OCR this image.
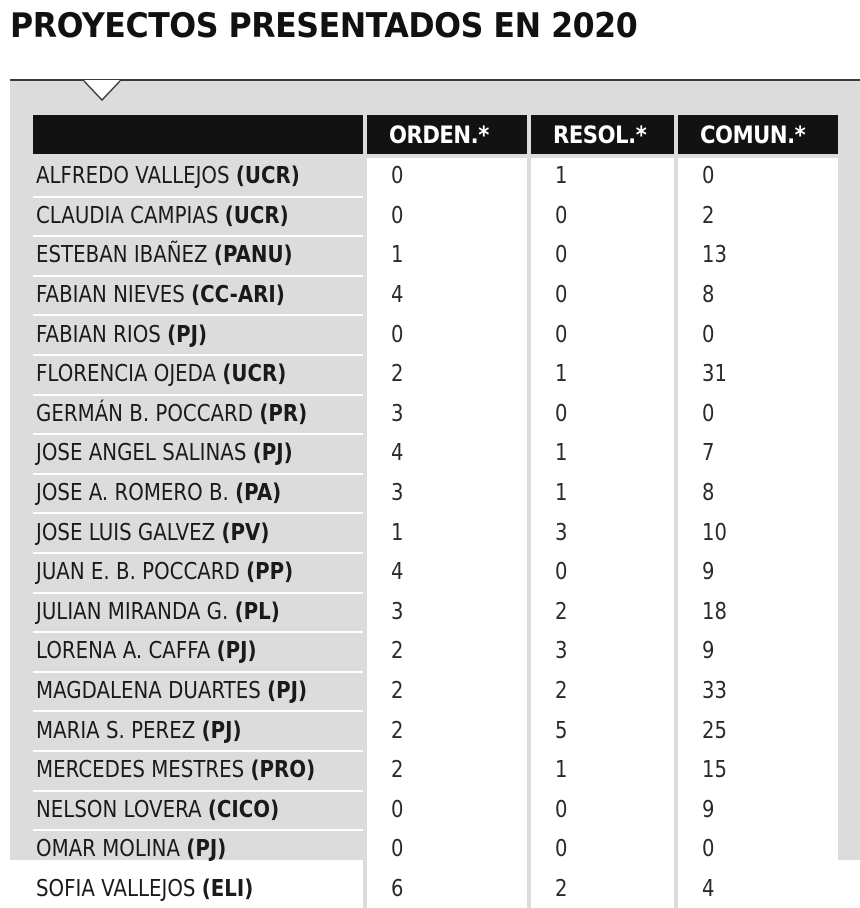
PROYECTOS PRESENTADOS EN 2020
	ORDEN.*	RESOL.*	COMUN.*
ALFREDO VALLEJOS (UCR)	0	1	0
CLAUDIA CAMPIAS (UCR)	0	0	2
ESTEBAN IBAÑEZ (PANU)	1	0	13
FABIAN NIEVES (CC-ARI)	4	0	8
FABIAN RIOS (PJ)	0	0	0
FLORENCIA OJEDA (UCR)	2	1	31
GERMÁN B. POCCARD (PR)	3	0	0
JOSE ANGEL SALINAS (PJ)	4	1	7
JOSE A. ROMERO B. (PA)	3	1	8
JOSE LUIS GALVEZ (PV)	1	3	10
JUAN E. B. POCCARD (PP)	4	0	9
JULIAN MIRANDA G. (PL)	3	2	18
LORENA A. CAFFA (PJ)	2	3	9
MAGDALENA DUARTES (PJ)	2	2	33
MARIA S. PEREZ (PJ)	2	5	25
MERCEDES MESTRES (PRO)	2	1	15
NELSON LOVERA (CICO)	0	0	9
OMAR MOLINA (PJ)	0	0	0
SOFIA VALLEJOS (ELI)	6	2	4
